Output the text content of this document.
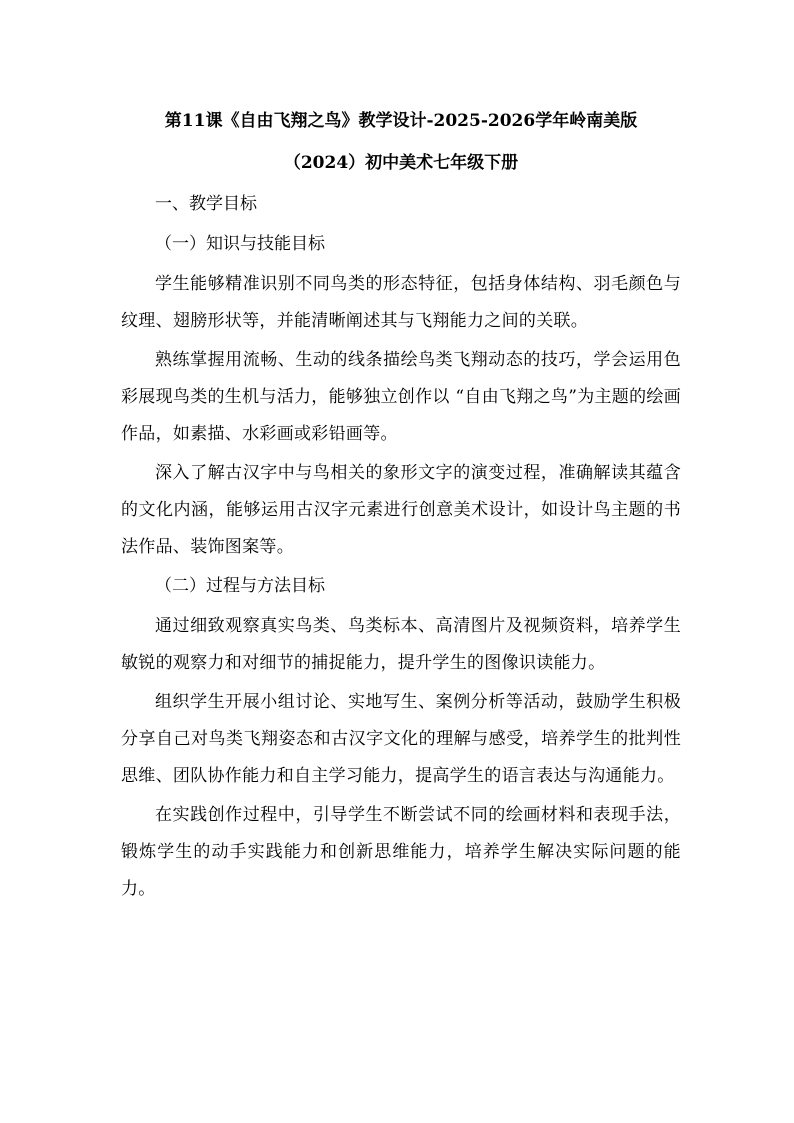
第11课《自由飞翔之鸟》教学设计-2025-2026学年岭南美版
（2024）初中美术七年级下册

一、教学目标

（一）知识与技能目标

学生能够精准识别不同鸟类的形态特征，包括身体结构、羽毛颜色与纹理、翅膀形状等，并能清晰阐述其与飞翔能力之间的关联。

熟练掌握用流畅、生动的线条描绘鸟类飞翔动态的技巧，学会运用色彩展现鸟类的生机与活力，能够独立创作以 “自由飞翔之鸟”为主题的绘画作品，如素描、水彩画或彩铅画等。

深入了解古汉字中与鸟相关的象形文字的演变过程，准确解读其蕴含的文化内涵，能够运用古汉字元素进行创意美术设计，如设计鸟主题的书法作品、装饰图案等。

（二）过程与方法目标

通过细致观察真实鸟类、鸟类标本、高清图片及视频资料，培养学生敏锐的观察力和对细节的捕捉能力，提升学生的图像识读能力。

组织学生开展小组讨论、实地写生、案例分析等活动，鼓励学生积极分享自己对鸟类飞翔姿态和古汉字文化的理解与感受，培养学生的批判性思维、团队协作能力和自主学习能力，提高学生的语言表达与沟通能力。

在实践创作过程中，引导学生不断尝试不同的绘画材料和表现手法，锻炼学生的动手实践能力和创新思维能力，培养学生解决实际问题的能力。
